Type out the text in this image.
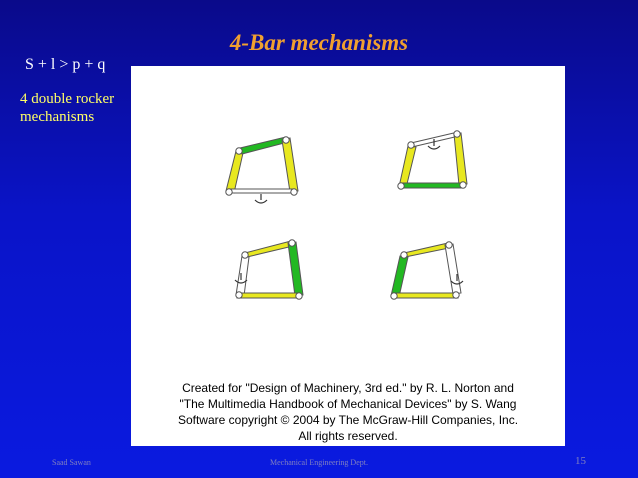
4-Bar mechanisms
S + l > p + q
4 double rocker mechanisms
Created for "Design of Machinery, 3rd ed." by R. L. Norton and
"The Multimedia Handbook of Mechanical Devices" by S. Wang
Software copyright © 2004 by The McGraw-Hill Companies, Inc.
All rights reserved.
Saad Sawan	Mechanical Engineering Dept.	15
